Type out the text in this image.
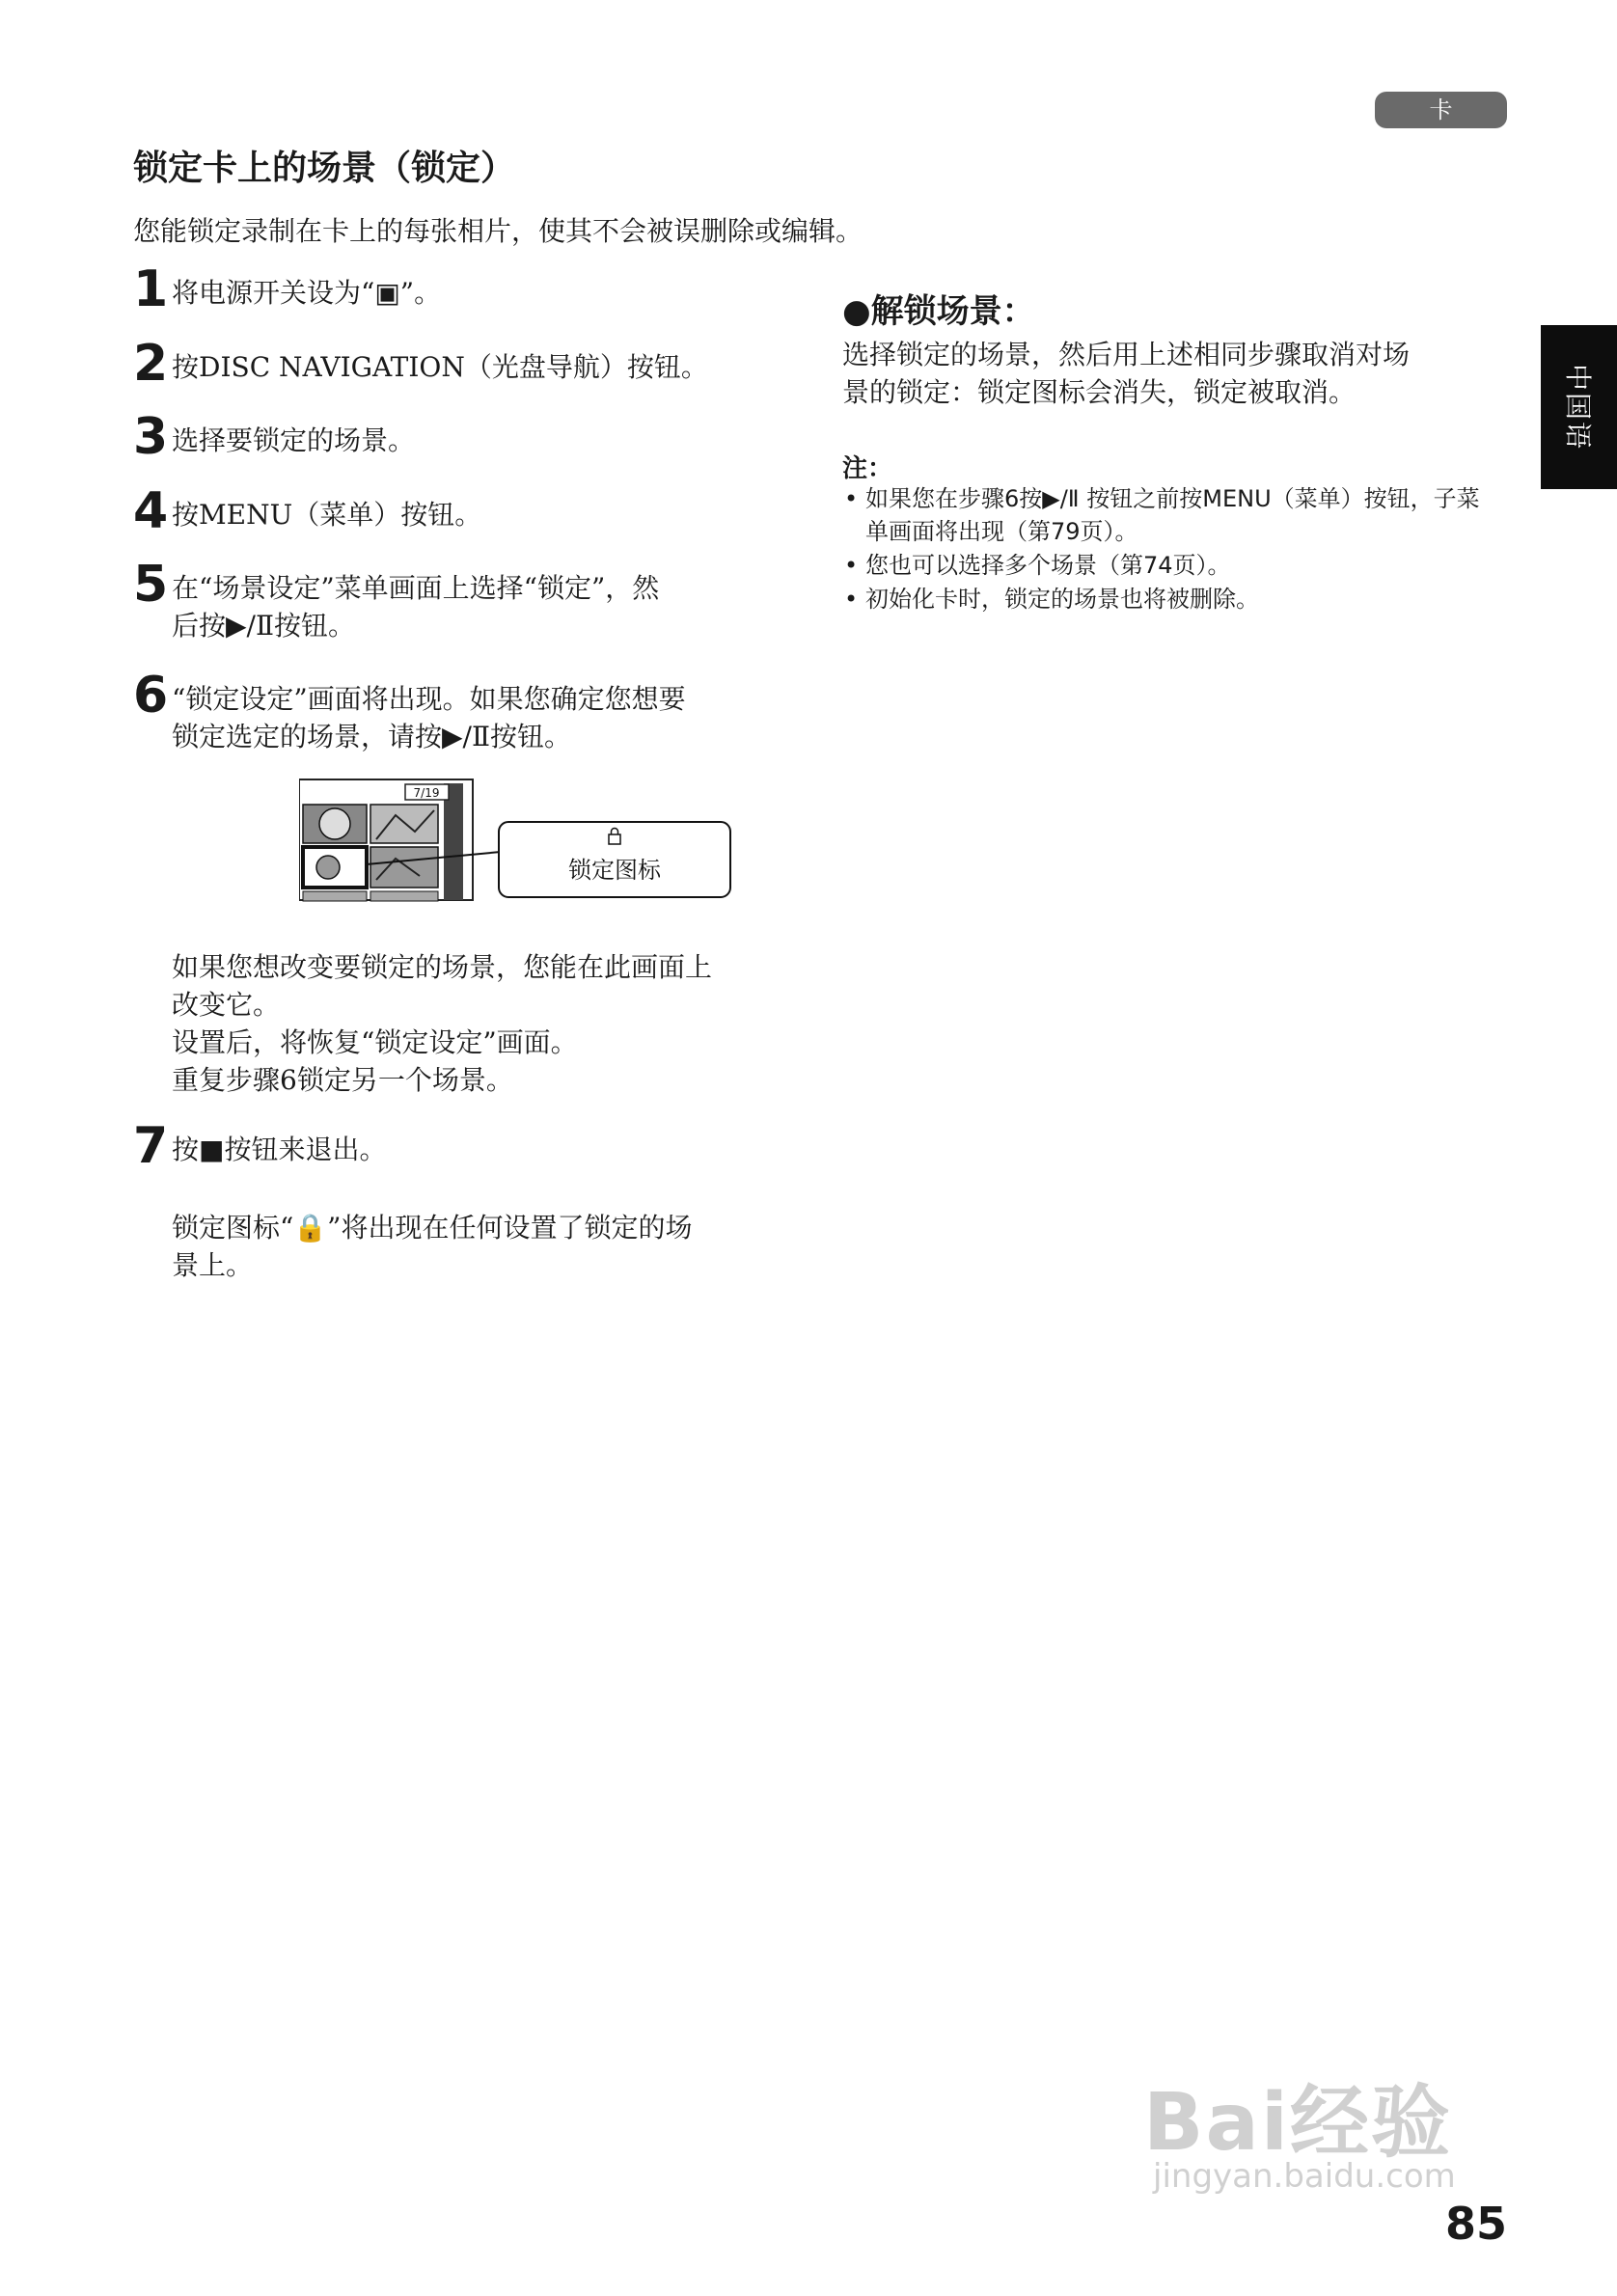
卡
中国语
锁定卡上的场景（锁定）
您能锁定录制在卡上的每张相片，使其不会被误删除或编辑。
1 将电源开关设为“▣”。
2 按DISC NAVIGATION（光盘导航）按钮。
3 选择要锁定的场景。
4 按MENU（菜单）按钮。
5 在“场景设定”菜单画面上选择“锁定”，然
后按▶/Ⅱ按钮。
6 “锁定设定”画面将出现。如果您确定您想要
锁定选定的场景，请按▶/Ⅱ按钮。
7/19
锁定图标
如果您想改变要锁定的场景，您能在此画面上
改变它。
设置后，将恢复“锁定设定”画面。
重复步骤6锁定另一个场景。
7 按■按钮来退出。
锁定图标“🔒”将出现在任何设置了锁定的场
景上。
●解锁场景：
选择锁定的场景，然后用上述相同步骤取消对场
景的锁定：锁定图标会消失，锁定被取消。
注：
• 如果您在步骤6按▶/Ⅱ 按钮之前按MENU（菜单）按钮，子菜单画面将出现（第79页）。
• 您也可以选择多个场景（第74页）。
• 初始化卡时，锁定的场景也将被删除。
Bai经验
jingyan.baidu.com
85
